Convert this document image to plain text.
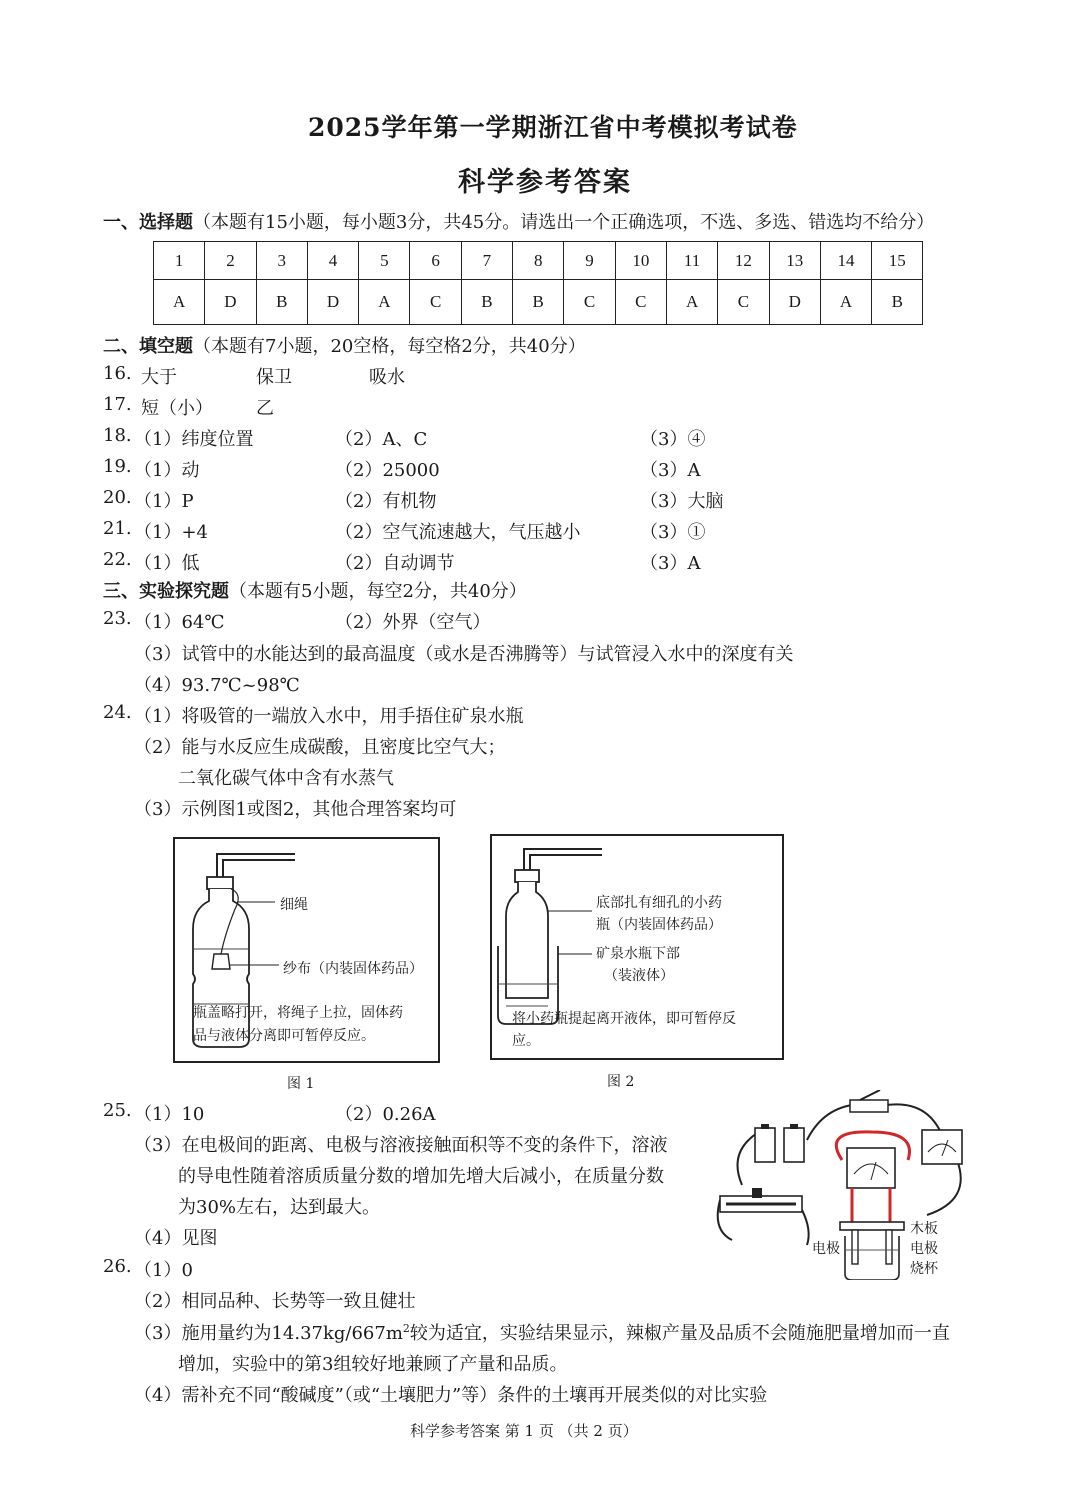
2025学年第一学期浙江省中考模拟考试卷
科学参考答案
一、选择题（本题有15小题，每小题3分，共45分。请选出一个正确选项，不选、多选、错选均不给分）
1	2	3	4	5	6	7	8	9	10	11	12	13	14	15
A	D	B	D	A	C	B	B	C	C	A	C	D	A	B
二、填空题（本题有7小题，20空格，每空格2分，共40分）
16. 大于	保卫	吸水
17. 短（小） 乙
18. （1）纬度位置	（2）A、C	（3）④
19. （1）动	（2）25000	（3）A
20. （1）P	（2）有机物	（3）大脑
21. （1）+4	（2）空气流速越大，气压越小	（3）①
22. （1）低	（2）自动调节	（3）A
三、实验探究题（本题有5小题，每空2分，共40分）
23. （1）64℃	（2）外界（空气）
（3）试管中的水能达到的最高温度（或水是否沸腾等）与试管浸入水中的深度有关
（4）93.7℃~98℃
24. （1）将吸管的一端放入水中，用手捂住矿泉水瓶
（2）能与水反应生成碳酸，且密度比空气大；
二氧化碳气体中含有水蒸气
（3）示例图1或图2，其他合理答案均可
细绳
纱布（内装固体药品）
瓶盖略打开，将绳子上拉，固体药
品与液体分离即可暂停反应。
图 1
底部扎有细孔的小药
瓶（内装固体药品）
矿泉水瓶下部
（装液体）
将小药瓶提起离开液体，即可暂停反
应。
图 2
25. （1）10	（2）0.26A
（3）在电极间的距离、电极与溶液接触面积等不变的条件下，溶液
的导电性随着溶质质量分数的增加先增大后减小，在质量分数
为30%左右，达到最大。
（4）见图	木板
电极	电极
烧杯
26. （1）0
（2）相同品种、长势等一致且健壮
（3）施用量约为$14.37kg/667m^2$较为适宜，实验结果显示，辣椒产量及品质不会随施肥量增加而一直
增加，实验中的第3组较好地兼顾了产量和品质。
（4）需补充不同“酸碱度”（或“土壤肥力”等）条件的土壤再开展类似的对比实验
科学参考答案 第 1 页 （共 2 页）
